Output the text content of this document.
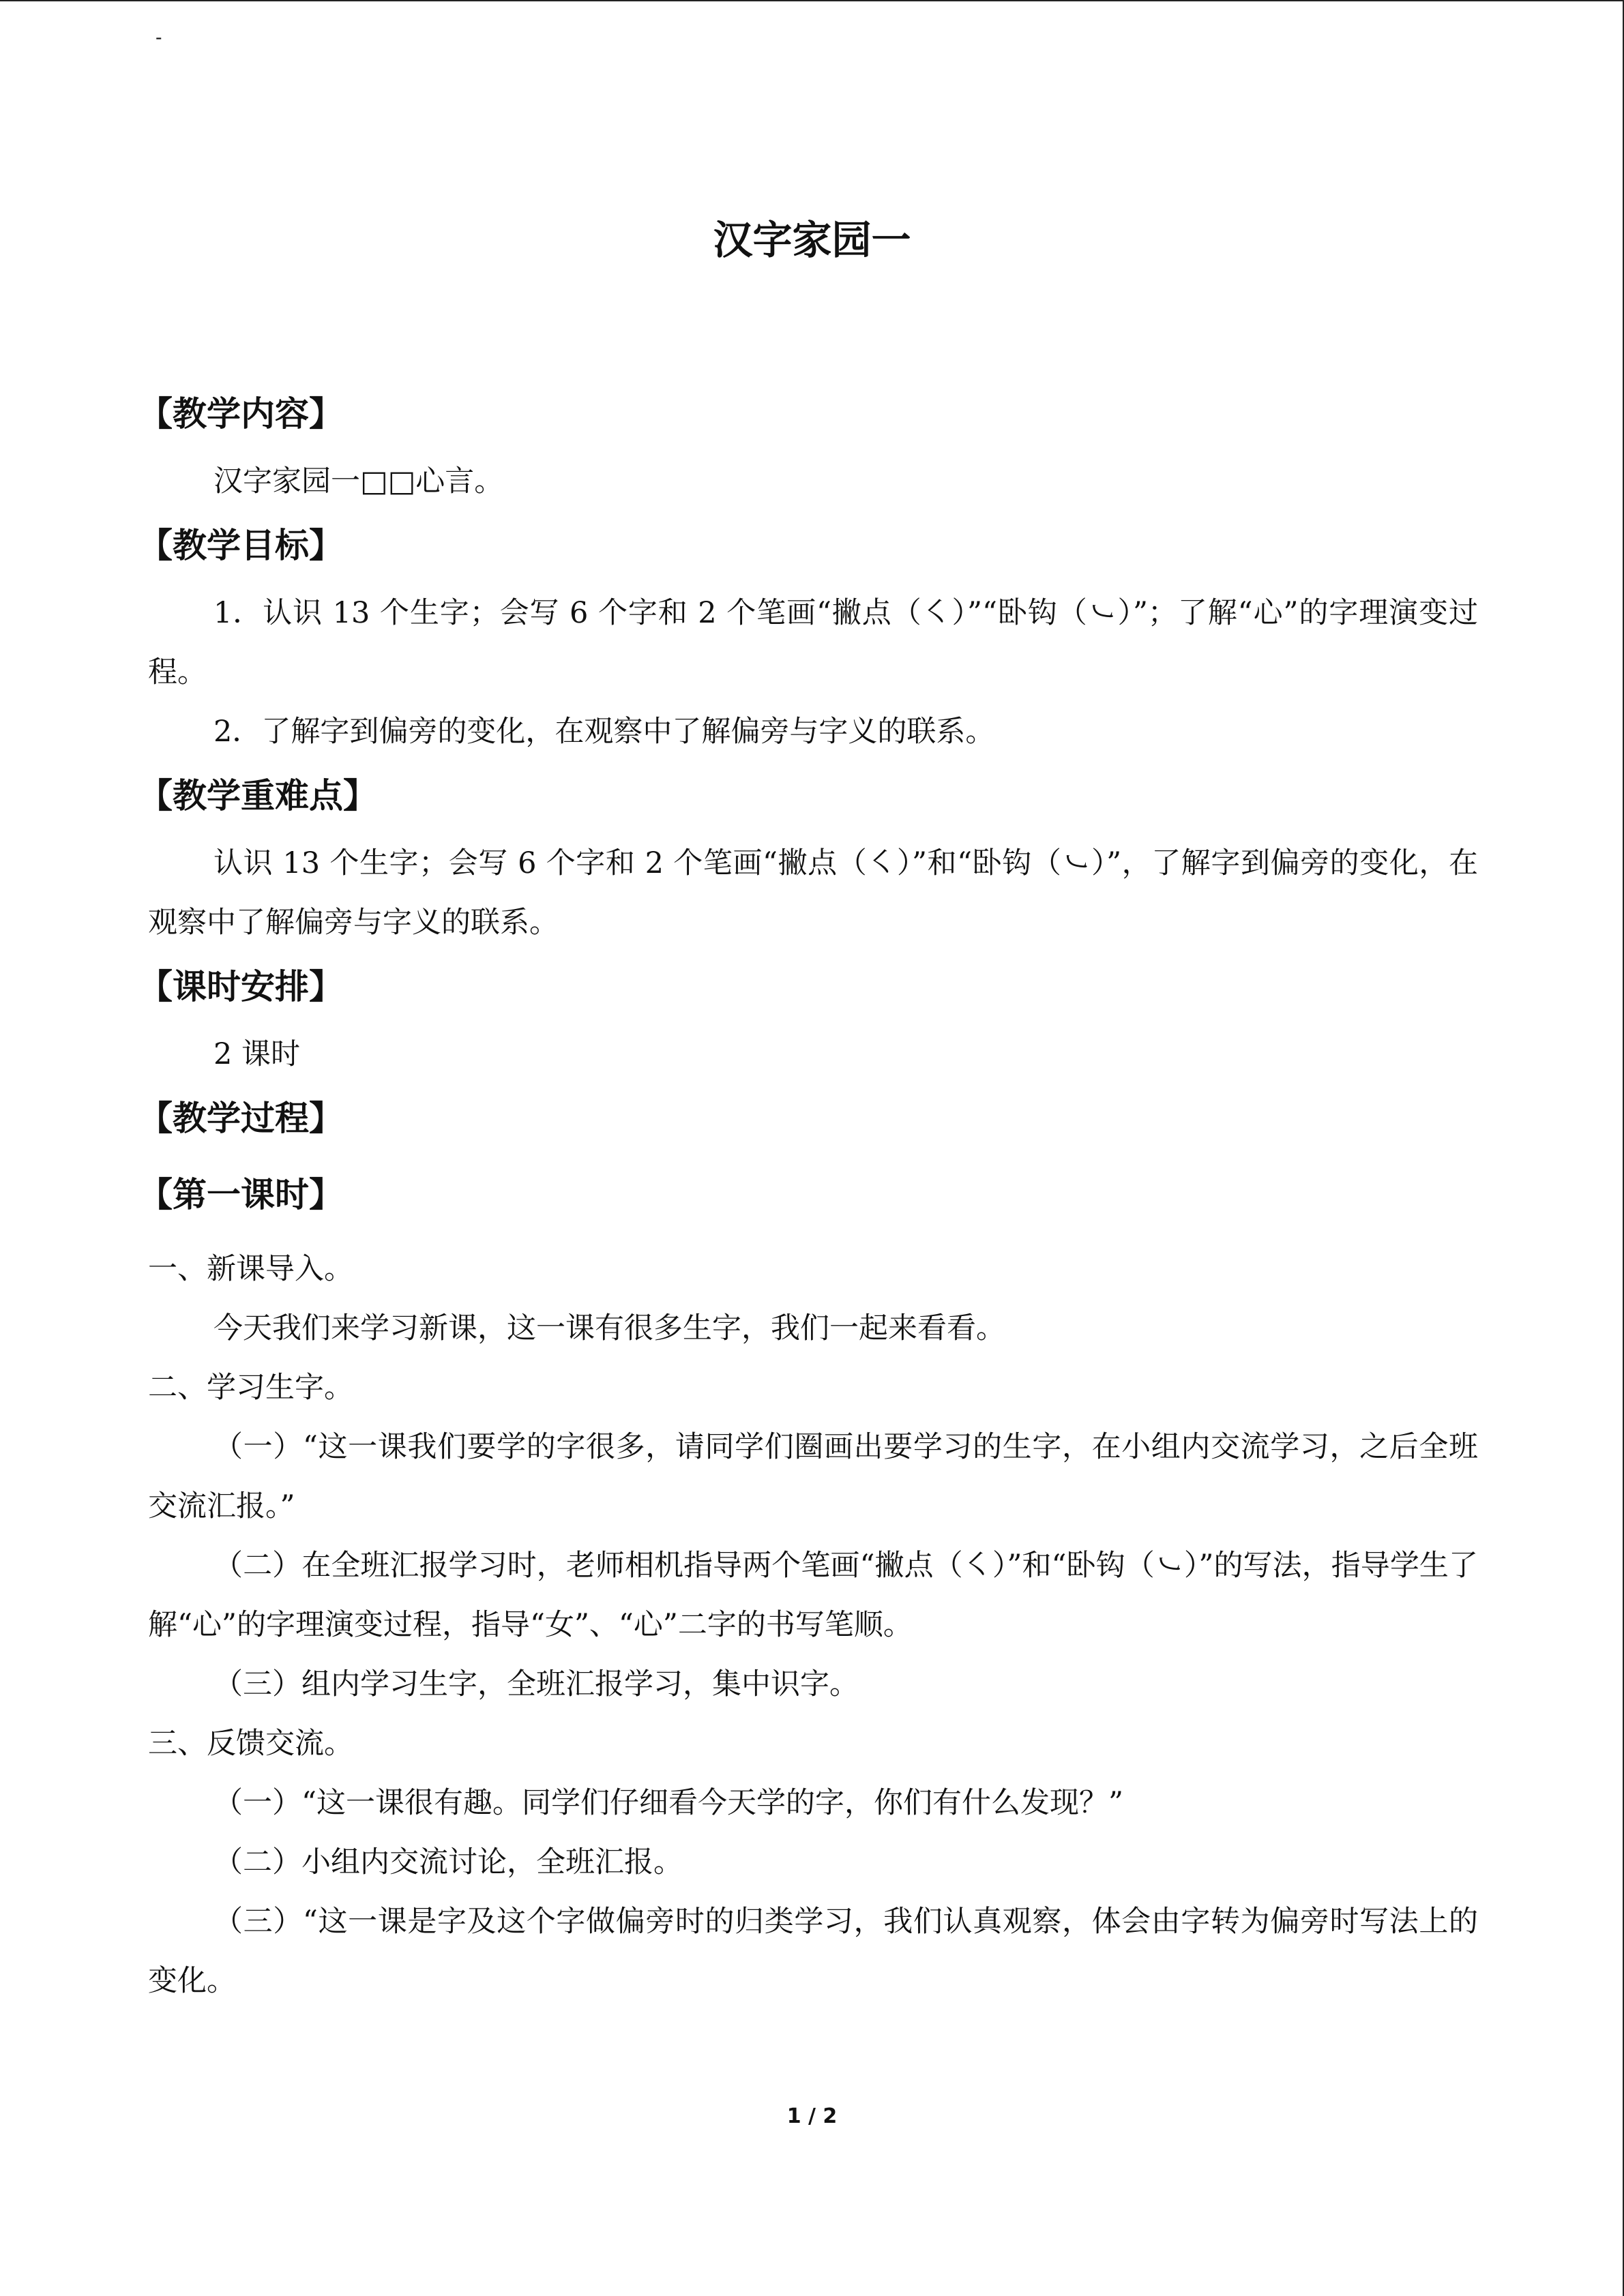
-
汉字家园一
【教学内容】

汉字家园一□□心言。

【教学目标】

1．认识 13 个生字；会写 6 个字和 2 个笔画“撇点（㇛）”“卧钩（㇃）”；了解“心”的字理演变过程。

2．了解字到偏旁的变化，在观察中了解偏旁与字义的联系。

【教学重难点】

认识 13 个生字；会写 6 个字和 2 个笔画“撇点（㇛）”和“卧钩（㇃）”，了解字到偏旁的变化，在观察中了解偏旁与字义的联系。

【课时安排】

2 课时

【教学过程】
【第一课时】

一、新课导入。

今天我们来学习新课，这一课有很多生字，我们一起来看看。

二、学习生字。

（一）“这一课我们要学的字很多，请同学们圈画出要学习的生字，在小组内交流学习，之后全班交流汇报。”

（二）在全班汇报学习时，老师相机指导两个笔画“撇点（㇛）”和“卧钩（㇃）”的写法，指导学生了解“心”的字理演变过程，指导“女”、“心”二字的书写笔顺。

（三）组内学习生字，全班汇报学习，集中识字。

三、反馈交流。

（一）“这一课很有趣。同学们仔细看今天学的字，你们有什么发现？”

（二）小组内交流讨论，全班汇报。

（三）“这一课是字及这个字做偏旁时的归类学习，我们认真观察，体会由字转为偏旁时写法上的变化。

1 / 2
